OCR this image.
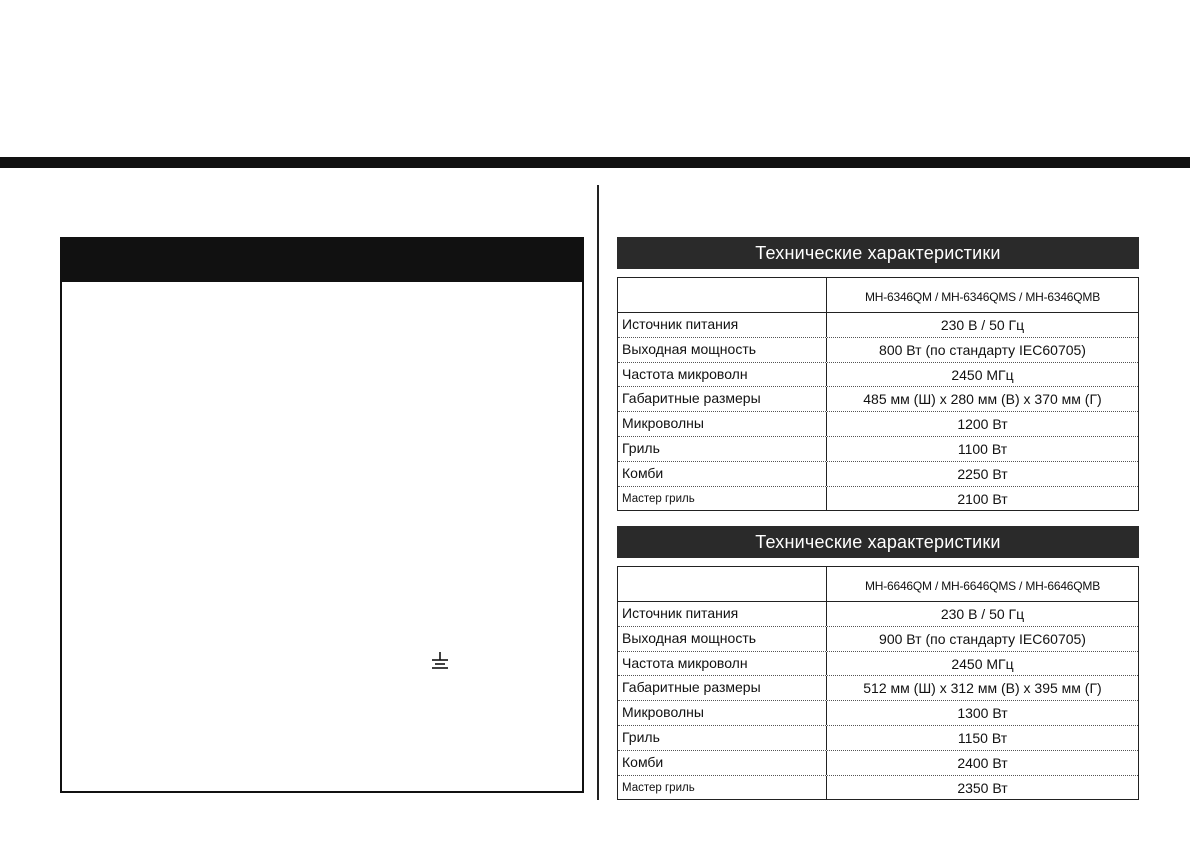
Технические характеристики
MH-6346QM / MH-6346QMS / MH-6346QMB
Источник питания	230 В / 50 Гц
Выходная мощность	800 Вт (по стандарту IEC60705)
Частота микроволн	2450 МГц
Габаритные размеры	485 мм (Ш) x 280 мм (В) x 370 мм (Г)
Микроволны	1200 Вт
Гриль	1100 Вт
Комби	2250 Вт
Мастер гриль	2100 Вт
Технические характеристики
MH-6646QM / MH-6646QMS / MH-6646QMB
Источник питания	230 В / 50 Гц
Выходная мощность	900 Вт (по стандарту IEC60705)
Частота микроволн	2450 МГц
Габаритные размеры	512 мм (Ш) x 312 мм (В) x 395 мм (Г)
Микроволны	1300 Вт
Гриль	1150 Вт
Комби	2400 Вт
Мастер гриль	2350 Вт
